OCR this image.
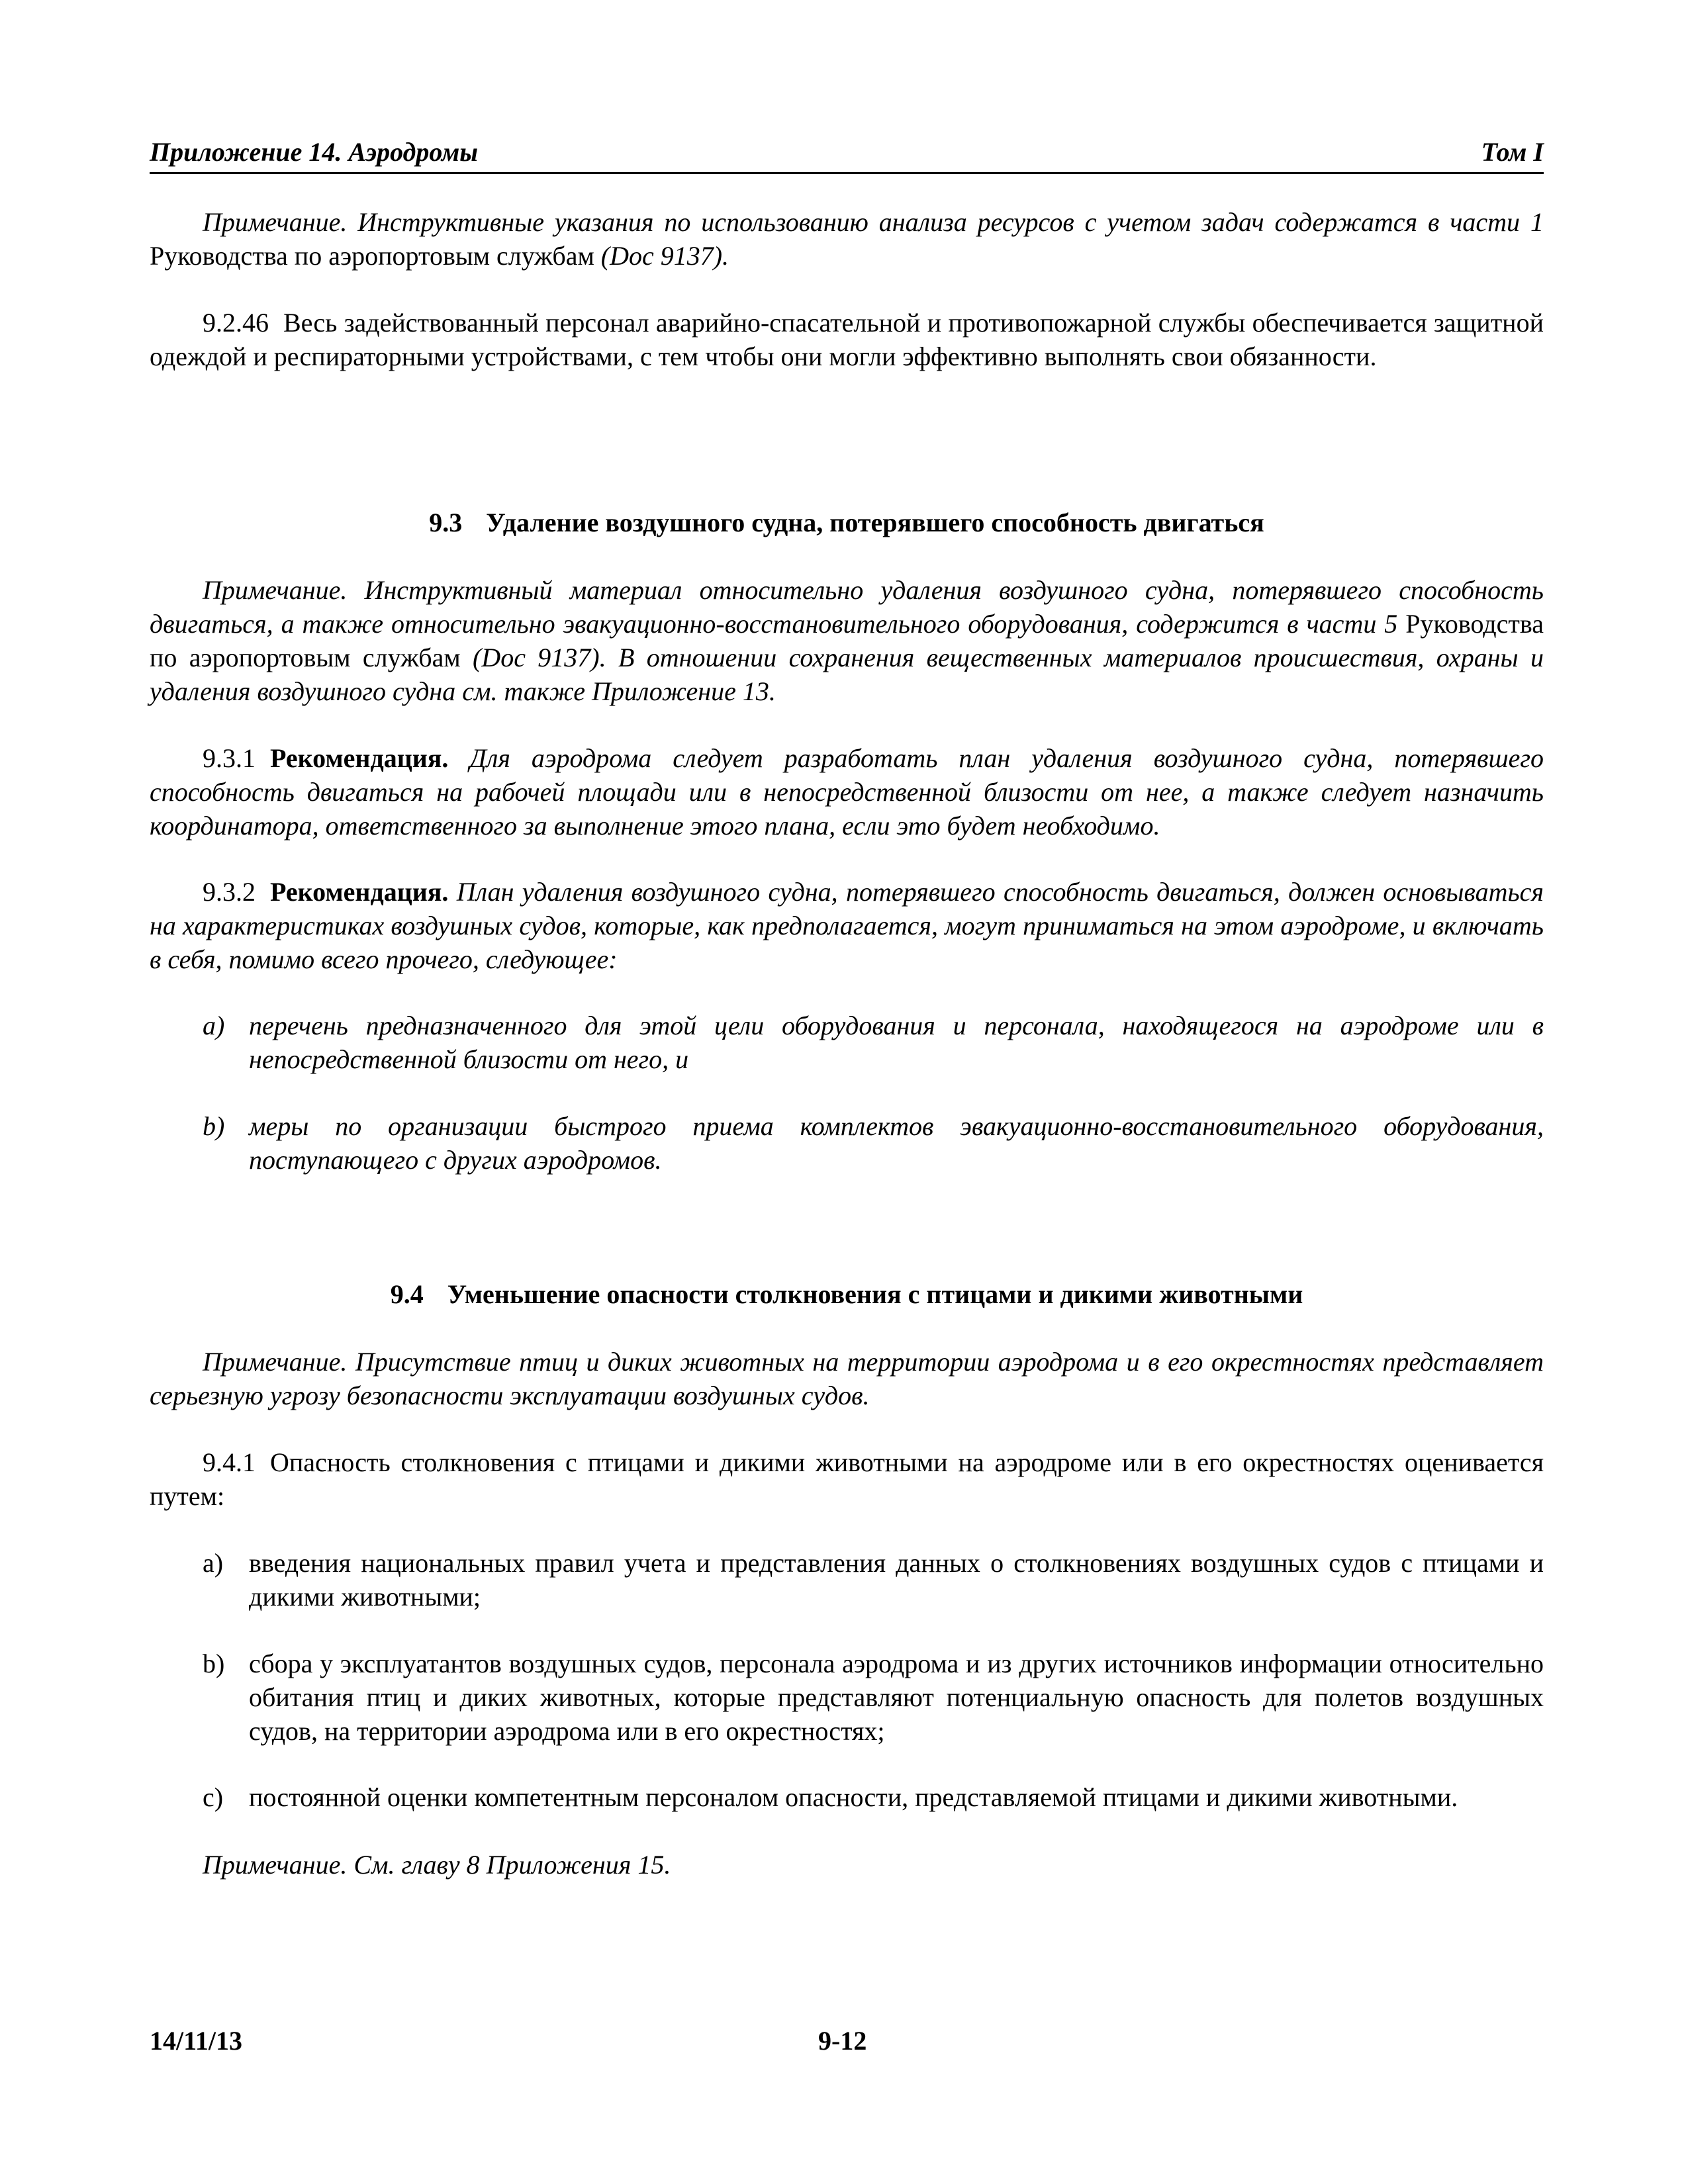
Приложение 14. Аэродромы	Том I

Примечание. Инструктивные указания по использованию анализа ресурсов с учетом задач содержатся в части 1 Руководства по аэропортовым службам (Doc 9137).

9.2.46 Весь задействованный персонал аварийно-спасательной и противопожарной службы обеспечивается защитной одеждой и респираторными устройствами, с тем чтобы они могли эффективно выполнять свои обязанности.

9.3 Удаление воздушного судна, потерявшего способность двигаться

Примечание. Инструктивный материал относительно удаления воздушного судна, потерявшего способность двигаться, а также относительно эвакуационно-восстановительного оборудования, содержится в части 5 Руководства по аэропортовым службам (Doc 9137). В отношении сохранения вещественных материалов происшествия, охраны и удаления воздушного судна см. также Приложение 13.

9.3.1 Рекомендация. Для аэродрома следует разработать план удаления воздушного судна, потерявшего способность двигаться на рабочей площади или в непосредственной близости от нее, а также следует назначить координатора, ответственного за выполнение этого плана, если это будет необходимо.

9.3.2 Рекомендация. План удаления воздушного судна, потерявшего способность двигаться, должен основываться на характеристиках воздушных судов, которые, как предполагается, могут приниматься на этом аэродроме, и включать в себя, помимо всего прочего, следующее:

a) перечень предназначенного для этой цели оборудования и персонала, находящегося на аэродроме или в непосредственной близости от него, и
b) меры по организации быстрого приема комплектов эвакуационно-восстановительного оборудования, поступающего с других аэродромов.
9.4 Уменьшение опасности столкновения с птицами и дикими животными

Примечание. Присутствие птиц и диких животных на территории аэродрома и в его окрестностях представляет серьезную угрозу безопасности эксплуатации воздушных судов.

9.4.1 Опасность столкновения с птицами и дикими животными на аэродроме или в его окрестностях оценивается путем:

a) введения национальных правил учета и представления данных о столкновениях воздушных судов с птицами и дикими животными;
b) сбора у эксплуатантов воздушных судов, персонала аэродрома и из других источников информации относительно обитания птиц и диких животных, которые представляют потенциальную опасность для полетов воздушных судов, на территории аэродрома или в его окрестностях;
c) постоянной оценки компетентным персоналом опасности, представляемой птицами и дикими животными.

Примечание. См. главу 8 Приложения 15.

14/11/13	9-12
